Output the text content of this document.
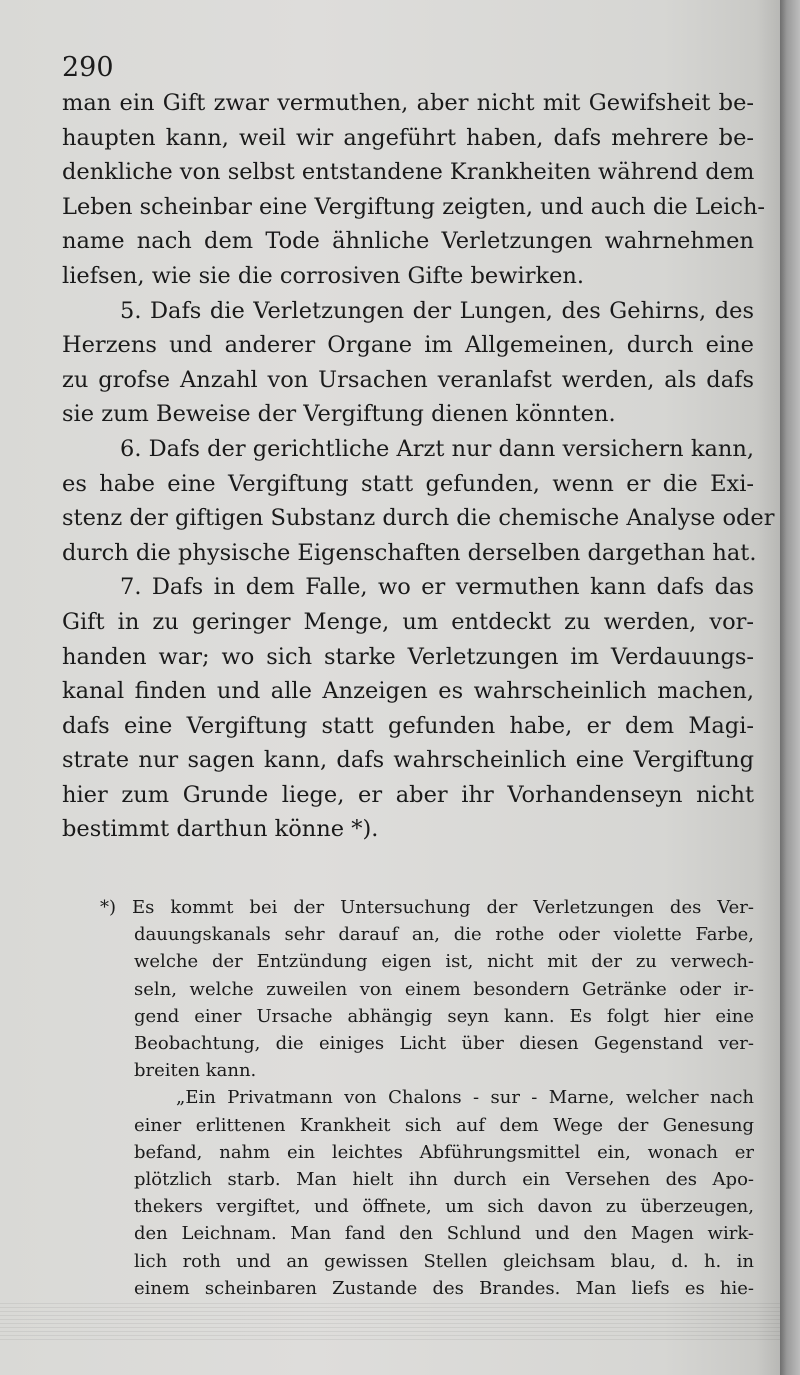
290
man ein Gift zwar vermuthen, aber nicht mit Gewifsheit be-
haupten kann, weil wir angeführt haben, dafs mehrere be-
denkliche von selbst entstandene Krankheiten während dem
Leben scheinbar eine Vergiftung zeigten, und auch die Leich-
name nach dem Tode ähnliche Verletzungen wahrnehmen
liefsen, wie sie die corrosiven Gifte bewirken.
5. Dafs die Verletzungen der Lungen, des Gehirns, des
Herzens und anderer Organe im Allgemeinen, durch eine
zu grofse Anzahl von Ursachen veranlafst werden, als dafs
sie zum Beweise der Vergiftung dienen könnten.
6. Dafs der gerichtliche Arzt nur dann versichern kann,
es habe eine Vergiftung statt gefunden, wenn er die Exi-
stenz der giftigen Substanz durch die chemische Analyse oder
durch die physische Eigenschaften derselben dargethan hat.
7. Dafs in dem Falle, wo er vermuthen kann dafs das
Gift in zu geringer Menge, um entdeckt zu werden, vor-
handen war; wo sich starke Verletzungen im Verdauungs-
kanal finden und alle Anzeigen es wahrscheinlich machen,
dafs eine Vergiftung statt gefunden habe, er dem Magi-
strate nur sagen kann, dafs wahrscheinlich eine Vergiftung
hier zum Grunde liege, er aber ihr Vorhandenseyn nicht
bestimmt darthun könne *).
*) Es kommt bei der Untersuchung der Verletzungen des Ver-
dauungskanals sehr darauf an, die rothe oder violette Farbe,
welche der Entzündung eigen ist, nicht mit der zu verwech-
seln, welche zuweilen von einem besondern Getränke oder ir-
gend einer Ursache abhängig seyn kann. Es folgt hier eine
Beobachtung, die einiges Licht über diesen Gegenstand ver-
breiten kann.
„Ein Privatmann von Chalons - sur - Marne, welcher nach
einer erlittenen Krankheit sich auf dem Wege der Genesung
befand, nahm ein leichtes Abführungsmittel ein, wonach er
plötzlich starb. Man hielt ihn durch ein Versehen des Apo-
thekers vergiftet, und öffnete, um sich davon zu überzeugen,
den Leichnam. Man fand den Schlund und den Magen wirk-
lich roth und an gewissen Stellen gleichsam blau, d. h. in
einem scheinbaren Zustande des Brandes. Man liefs es hie-
